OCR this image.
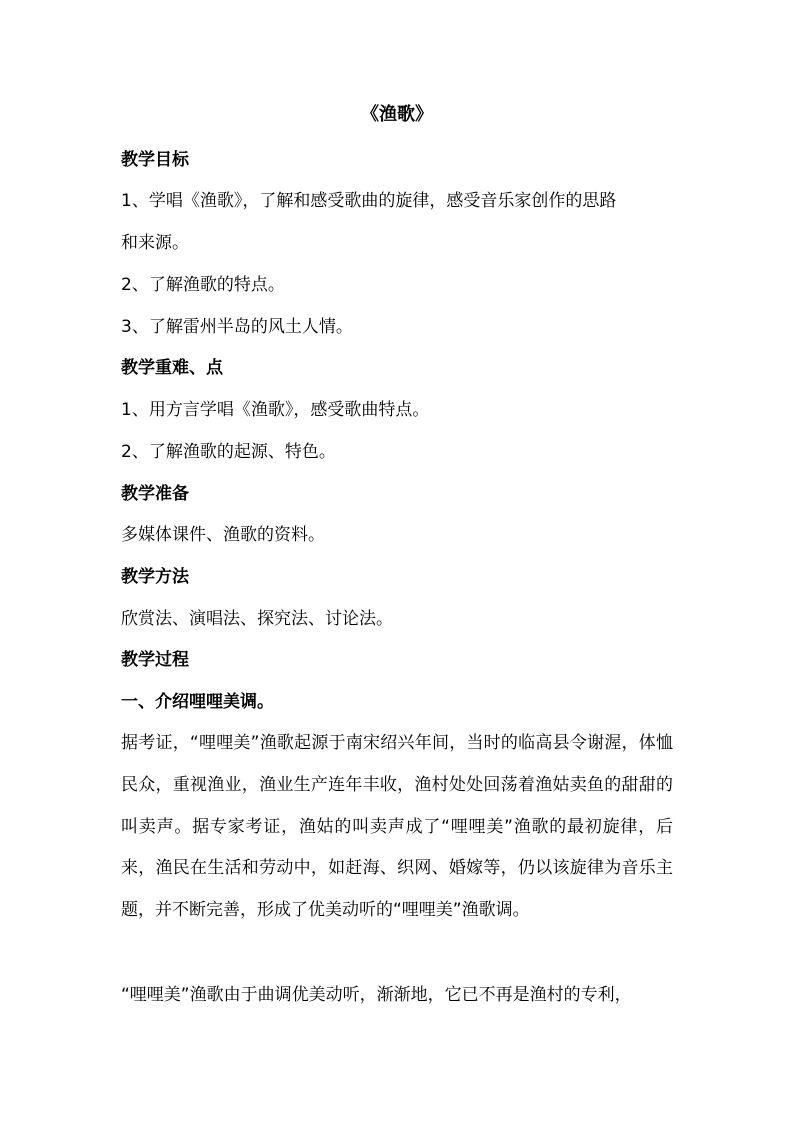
《渔歌》
教学目标
1、学唱《渔歌》，了解和感受歌曲的旋律，感受音乐家创作的思路
和来源。
2、了解渔歌的特点。
3、了解雷州半岛的风土人情。
教学重难、点
1、用方言学唱《渔歌》，感受歌曲特点。
2、了解渔歌的起源、特色。
教学准备
多媒体课件、渔歌的资料。
教学方法
欣赏法、演唱法、探究法、讨论法。
教学过程
一、介绍哩哩美调。

据考证，“哩哩美”渔歌起源于南宋绍兴年间，当时的临高县令谢渥，体恤民众，重视渔业，渔业生产连年丰收，渔村处处回荡着渔姑卖鱼的甜甜的叫卖声。据专家考证，渔姑的叫卖声成了“哩哩美”渔歌的最初旋律，后来，渔民在生活和劳动中，如赶海、织网、婚嫁等，仍以该旋律为音乐主题，并不断完善，形成了优美动听的“哩哩美”渔歌调。

“哩哩美”渔歌由于曲调优美动听，渐渐地，它已不再是渔村的专利，
